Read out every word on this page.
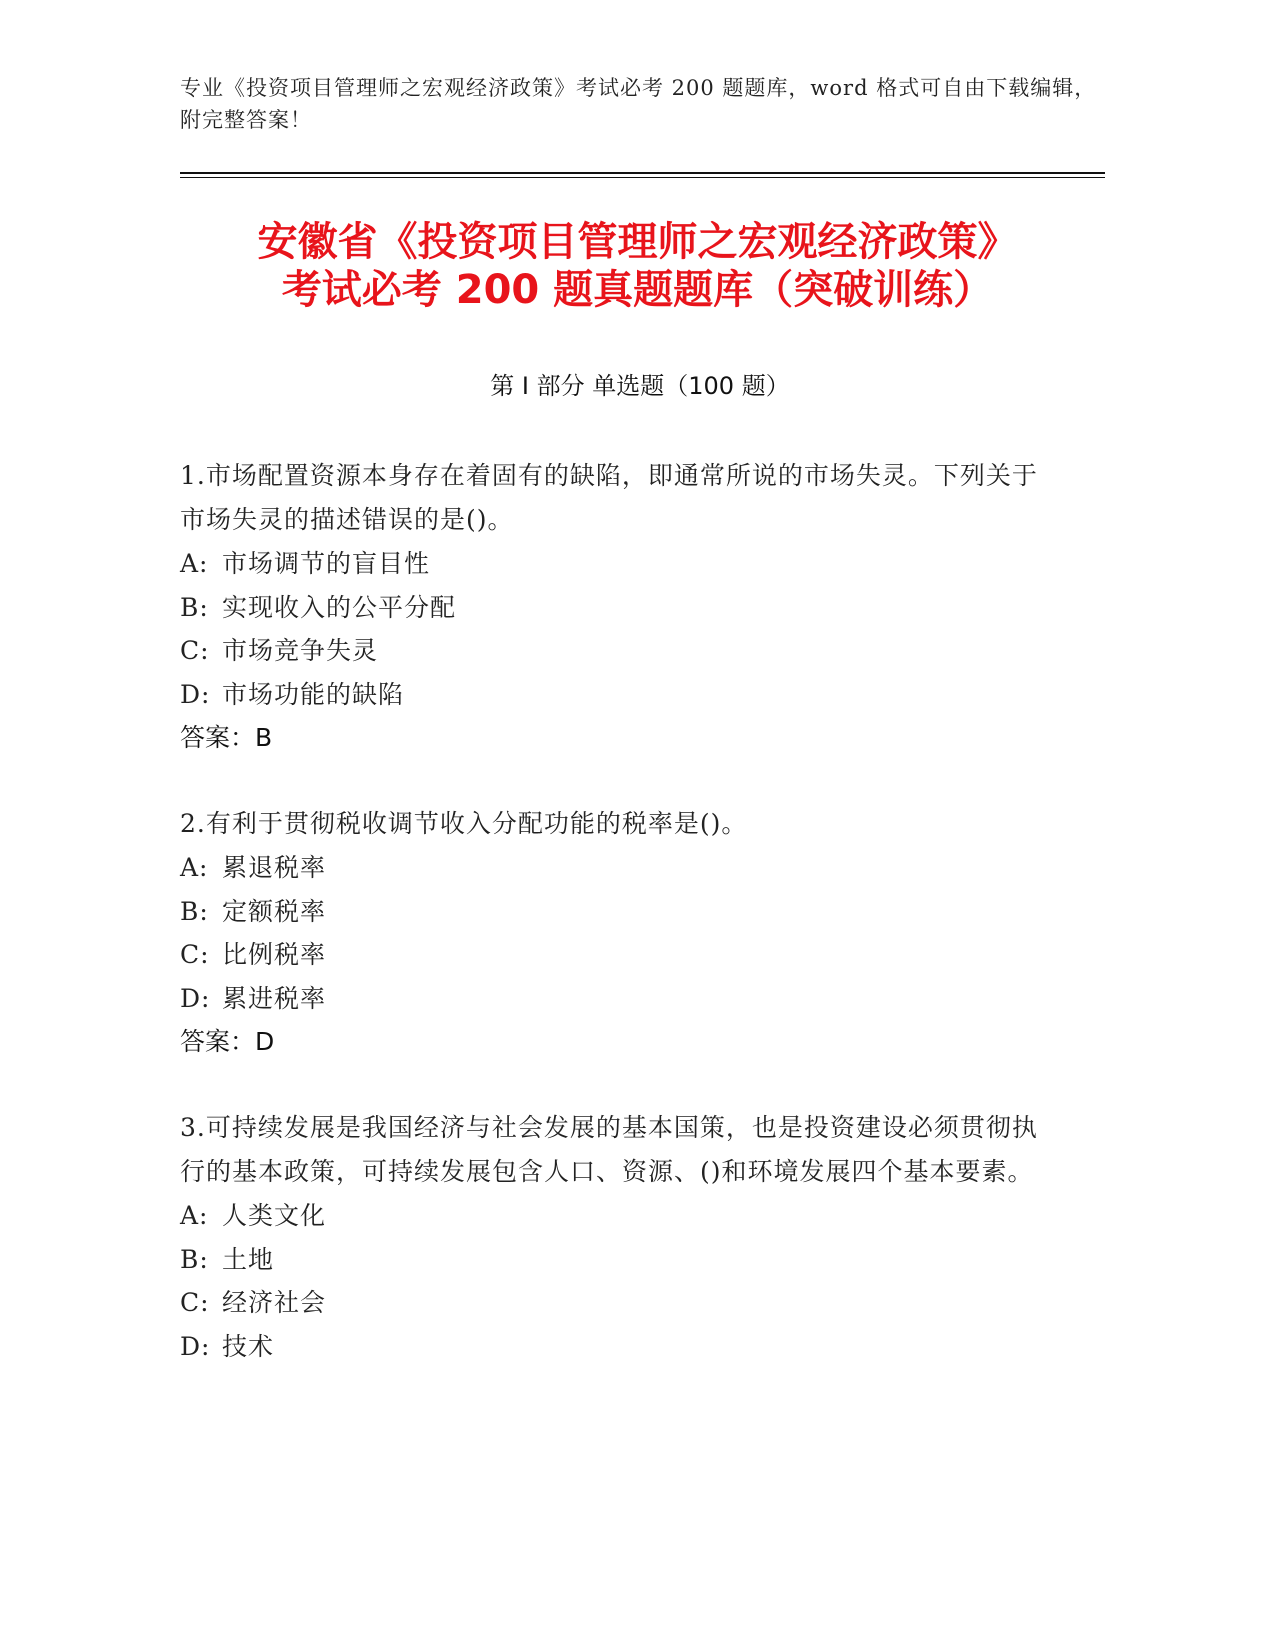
专业《投资项目管理师之宏观经济政策》考试必考 200 题题库，word 格式可自由下载编辑，附完整答案！
安徽省《投资项目管理师之宏观经济政策》
考试必考 200 题真题题库（突破训练）
第 I 部分 单选题（100 题）
1.市场配置资源本身存在着固有的缺陷，即通常所说的市场失灵。下列关于市场失灵的描述错误的是()。
A: 市场调节的盲目性
B: 实现收入的公平分配
C: 市场竞争失灵
D: 市场功能的缺陷
答案：B
2.有利于贯彻税收调节收入分配功能的税率是()。
A: 累退税率
B: 定额税率
C: 比例税率
D: 累进税率
答案：D
3.可持续发展是我国经济与社会发展的基本国策，也是投资建设必须贯彻执行的基本政策，可持续发展包含人口、资源、()和环境发展四个基本要素。
A: 人类文化
B: 土地
C: 经济社会
D: 技术
